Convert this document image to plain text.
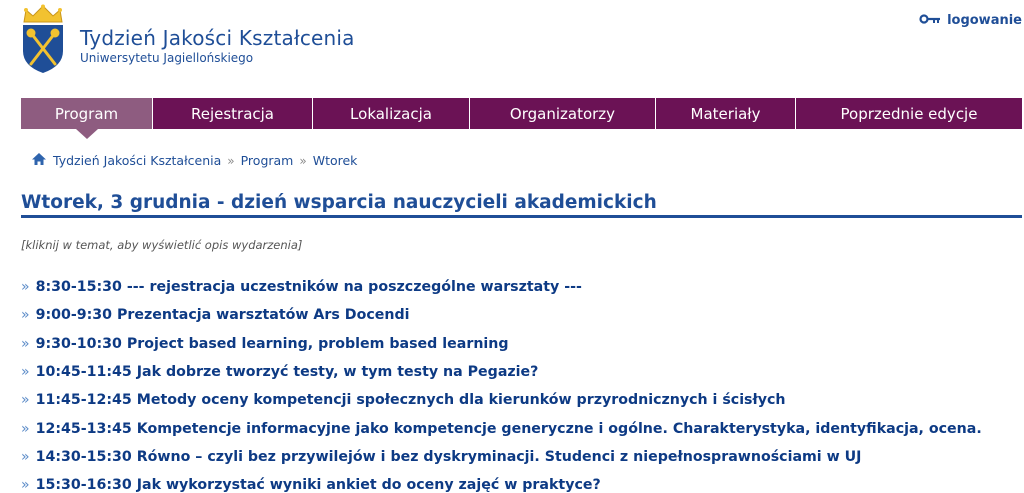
Tydzień Jakości Kształcenia
Uniwersytetu Jagiellońskiego
logowanie
Program	Rejestracja	Lokalizacja	Organizatorzy	Materiały	Poprzednie edycje
Tydzień Jakości Kształcenia » Program » Wtorek
Wtorek, 3 grudnia - dzień wsparcia nauczycieli akademickich
[kliknij w temat, aby wyświetlić opis wydarzenia]
» 8:30-15:30 --- rejestracja uczestników na poszczególne warsztaty ---
» 9:00-9:30 Prezentacja warsztatów Ars Docendi
» 9:30-10:30 Project based learning, problem based learning
» 10:45-11:45 Jak dobrze tworzyć testy, w tym testy na Pegazie?
» 11:45-12:45 Metody oceny kompetencji społecznych dla kierunków przyrodnicznych i ścisłych
» 12:45-13:45 Kompetencje informacyjne jako kompetencje generyczne i ogólne. Charakterystyka, identyfikacja, ocena.
» 14:30-15:30 Równo – czyli bez przywilejów i bez dyskryminacji. Studenci z niepełnosprawnościami w UJ
» 15:30-16:30 Jak wykorzystać wyniki ankiet do oceny zajęć w praktyce?
